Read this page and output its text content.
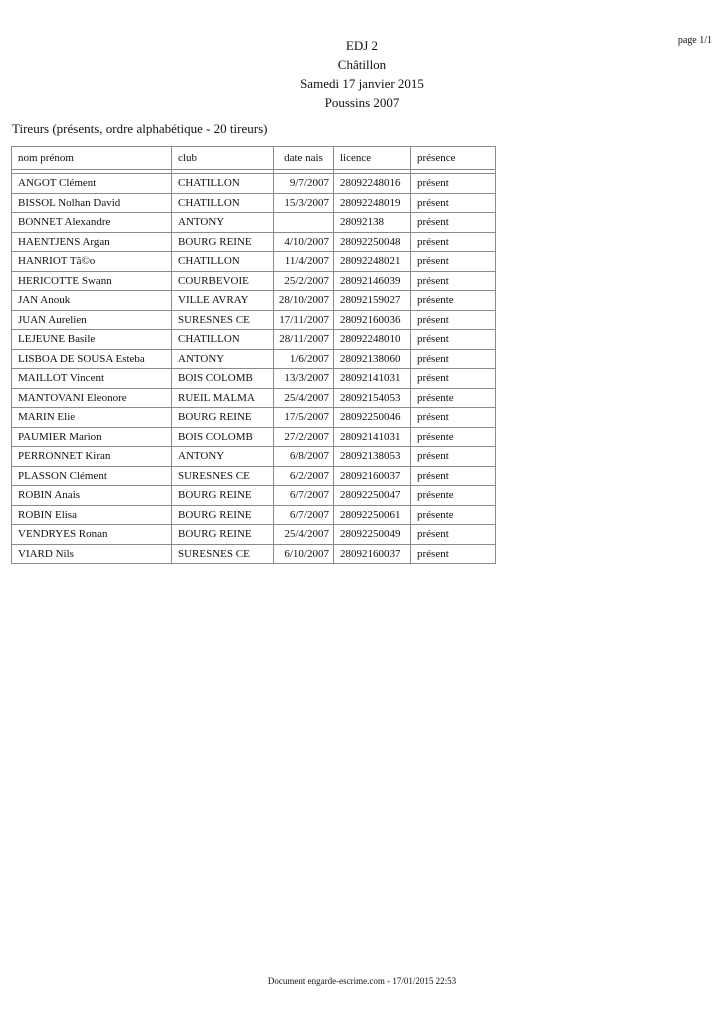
page 1/1
EDJ 2
Châtillon
Samedi 17 janvier 2015
Poussins 2007
Tireurs (présents, ordre alphabétique - 20 tireurs)
nom prénom	club	date nais	licence	présence

ANGOT Clément	CHATILLON	9/7/2007	28092248016	présent
BISSOL Nolhan David	CHATILLON	15/3/2007	28092248019	présent
BONNET Alexandre	ANTONY		28092138	présent
HAENTJENS Argan	BOURG REINE	4/10/2007	28092250048	présent
HANRIOT Tã©o	CHATILLON	11/4/2007	28092248021	présent
HERICOTTE Swann	COURBEVOIE	25/2/2007	28092146039	présent
JAN Anouk	VILLE AVRAY	28/10/2007	28092159027	présente
JUAN Aurelien	SURESNES CE	17/11/2007	28092160036	présent
LEJEUNE Basile	CHATILLON	28/11/2007	28092248010	présent
LISBOA DE SOUSA Esteba	ANTONY	1/6/2007	28092138060	présent
MAILLOT Vincent	BOIS COLOMB	13/3/2007	28092141031	présent
MANTOVANI Eleonore	RUEIL MALMA	25/4/2007	28092154053	présente
MARIN Elie	BOURG REINE	17/5/2007	28092250046	présent
PAUMIER Marion	BOIS COLOMB	27/2/2007	28092141031	présente
PERRONNET Kiran	ANTONY	6/8/2007	28092138053	présent
PLASSON Clément	SURESNES CE	6/2/2007	28092160037	présent
ROBIN Anais	BOURG REINE	6/7/2007	28092250047	présente
ROBIN Elisa	BOURG REINE	6/7/2007	28092250061	présente
VENDRYES Ronan	BOURG REINE	25/4/2007	28092250049	présent
VIARD Nils	SURESNES CE	6/10/2007	28092160037	présent
Document engarde-escrime.com - 17/01/2015 22:53
